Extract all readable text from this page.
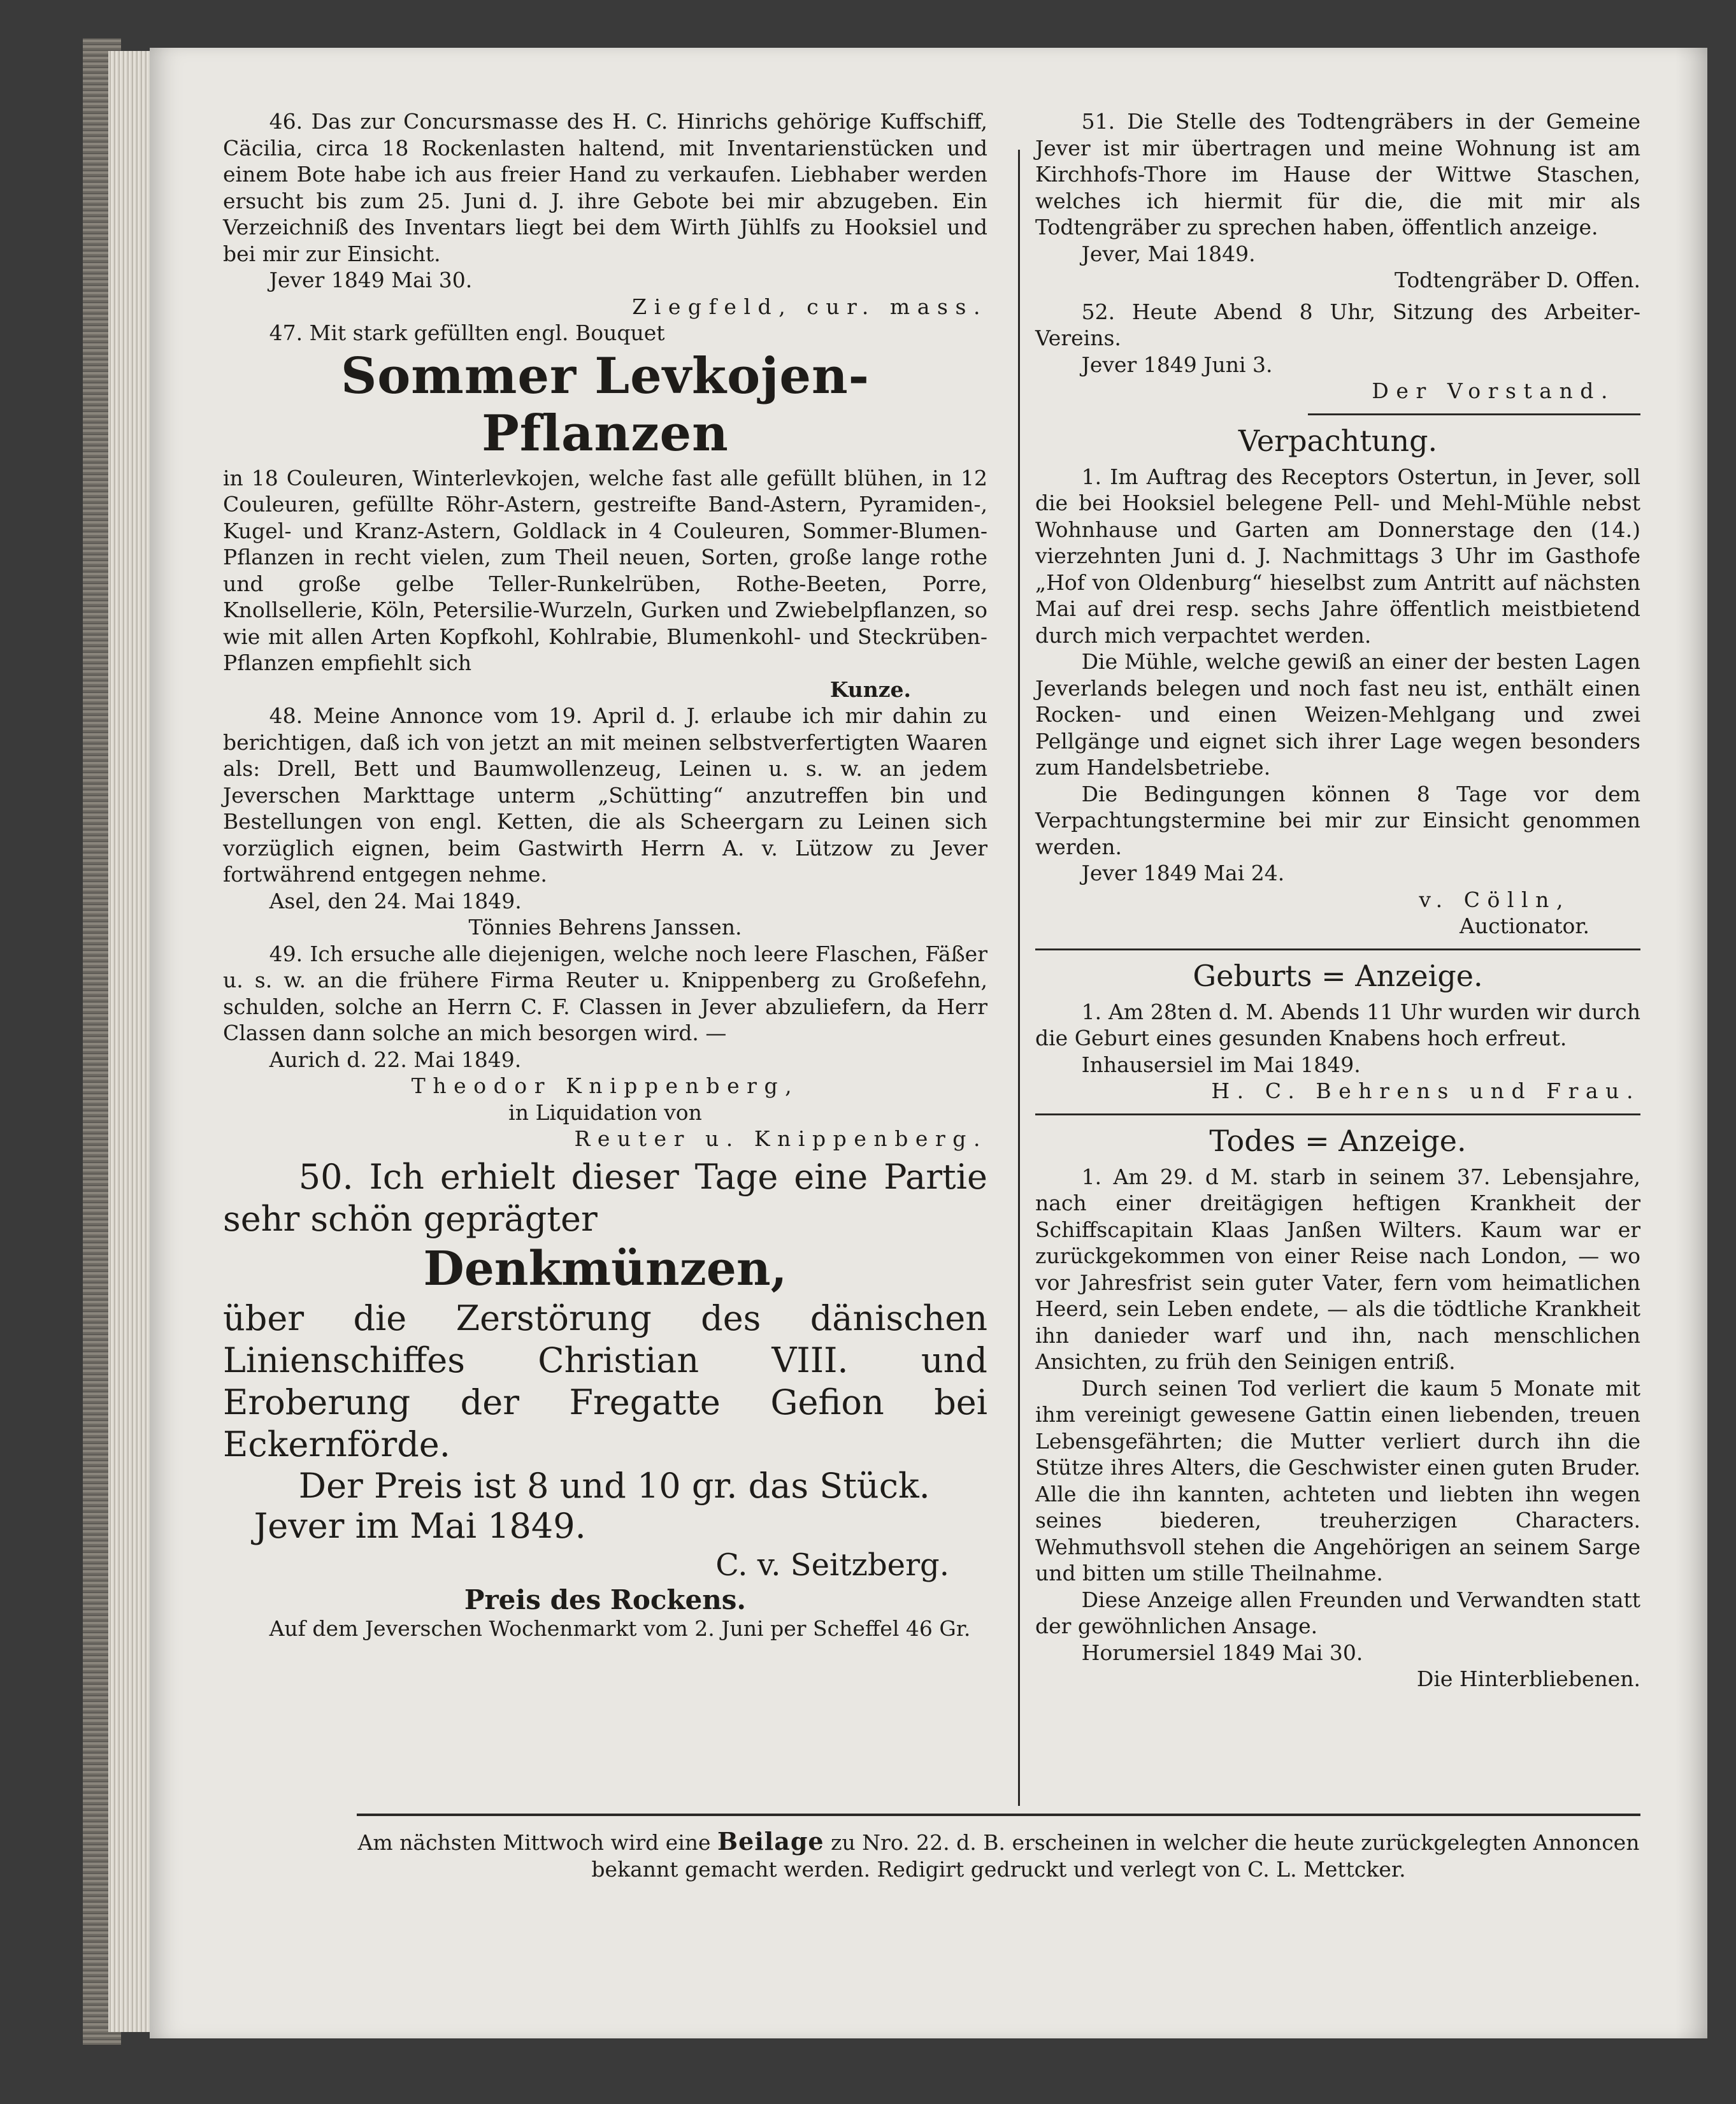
46. Das zur Concursmasse des H. C. Hinrichs gehörige Kuffschiff, Cäcilia, circa 18 Rockenlasten haltend, mit Inventarienstücken und einem Bote habe ich aus freier Hand zu verkaufen. Liebhaber werden ersucht bis zum 25. Juni d. J. ihre Gebote bei mir abzugeben. Ein Verzeichniß des Inventars liegt bei dem Wirth Jühlfs zu Hooksiel und bei mir zur Einsicht.

Jever 1849 Mai 30.

Ziegfeld, cur. mass.

47. Mit stark gefüllten engl. Bouquet

Sommer Levkojen-Pflanzen

in 18 Couleuren, Winterlevkojen, welche fast alle gefüllt blühen, in 12 Couleuren, gefüllte Röhr-Astern, gestreifte Band-Astern, Pyramiden-, Kugel- und Kranz-Astern, Goldlack in 4 Couleuren, Sommer-Blumen-Pflanzen in recht vielen, zum Theil neuen, Sorten, große lange rothe und große gelbe Teller-Runkelrüben, Rothe-Beeten, Porre, Knollsellerie, Köln, Petersilie-Wurzeln, Gurken und Zwiebelpflanzen, so wie mit allen Arten Kopfkohl, Kohlrabie, Blumenkohl- und Steckrüben-Pflanzen empfiehlt sich

Kunze.

48. Meine Annonce vom 19. April d. J. erlaube ich mir dahin zu berichtigen, daß ich von jetzt an mit meinen selbstverfertigten Waaren als: Drell, Bett und Baumwollenzeug, Leinen u. s. w. an jedem Jeverschen Markttage unterm „Schütting“ anzutreffen bin und Bestellungen von engl. Ketten, die als Scheergarn zu Leinen sich vorzüglich eignen, beim Gastwirth Herrn A. v. Lützow zu Jever fortwährend entgegen nehme.

Asel, den 24. Mai 1849.

Tönnies Behrens Janssen.

49. Ich ersuche alle diejenigen, welche noch leere Flaschen, Fäßer u. s. w. an die frühere Firma Reuter u. Knippenberg zu Großefehn, schulden, solche an Herrn C. F. Classen in Jever abzuliefern, da Herr Classen dann solche an mich besorgen wird. —

Aurich d. 22. Mai 1849.

Theodor Knippenberg,

in Liquidation von

Reuter u. Knippenberg.

50. Ich erhielt dieser Tage eine Partie sehr schön geprägter

Denkmünzen,

über die Zerstörung des dänischen Linienschiffes Christian VIII. und Eroberung der Fregatte Gefion bei Eckernförde.

Der Preis ist 8 und 10 gr. das Stück.

Jever im Mai 1849.

C. v. Seitzberg.

Preis des Rockens.

Auf dem Jeverschen Wochenmarkt vom 2. Juni per Scheffel 46 Gr.

51. Die Stelle des Todtengräbers in der Gemeine Jever ist mir übertragen und meine Wohnung ist am Kirchhofs-Thore im Hause der Wittwe Staschen, welches ich hiermit für die, die mit mir als Todtengräber zu sprechen haben, öffentlich anzeige.

Jever, Mai 1849.

Todtengräber D. Offen.

52. Heute Abend 8 Uhr, Sitzung des Arbeiter-Vereins.

Jever 1849 Juni 3.

Der Vorstand.

Verpachtung.

1. Im Auftrag des Receptors Ostertun, in Jever, soll die bei Hooksiel belegene Pell- und Mehl-Mühle nebst Wohnhause und Garten am Donnerstage den (14.) vierzehnten Juni d. J. Nachmittags 3 Uhr im Gasthofe „Hof von Oldenburg“ hieselbst zum Antritt auf nächsten Mai auf drei resp. sechs Jahre öffentlich meistbietend durch mich verpachtet werden.

Die Mühle, welche gewiß an einer der besten Lagen Jeverlands belegen und noch fast neu ist, enthält einen Rocken- und einen Weizen-Mehlgang und zwei Pellgänge und eignet sich ihrer Lage wegen besonders zum Handelsbetriebe.

Die Bedingungen können 8 Tage vor dem Verpachtungstermine bei mir zur Einsicht genommen werden.

Jever 1849 Mai 24.

v. Cölln,

Auctionator.

Geburts = Anzeige.

1. Am 28ten d. M. Abends 11 Uhr wurden wir durch die Geburt eines gesunden Knabens hoch erfreut.

Inhausersiel im Mai 1849.

H. C. Behrens und Frau.

Todes = Anzeige.

1. Am 29. d M. starb in seinem 37. Lebensjahre, nach einer dreitägigen heftigen Krankheit der Schiffscapitain Klaas Janßen Wilters. Kaum war er zurückgekommen von einer Reise nach London, — wo vor Jahresfrist sein guter Vater, fern vom heimatlichen Heerd, sein Leben endete, — als die tödtliche Krankheit ihn danieder warf und ihn, nach menschlichen Ansichten, zu früh den Seinigen entriß.

Durch seinen Tod verliert die kaum 5 Monate mit ihm vereinigt gewesene Gattin einen liebenden, treuen Lebensgefährten; die Mutter verliert durch ihn die Stütze ihres Alters, die Geschwister einen guten Bruder. Alle die ihn kannten, achteten und liebten ihn wegen seines biederen, treuherzigen Characters. Wehmuthsvoll stehen die Angehörigen an seinem Sarge und bitten um stille Theilnahme.

Diese Anzeige allen Freunden und Verwandten statt der gewöhnlichen Ansage.

Horumersiel 1849 Mai 30.

Die Hinterbliebenen.

Am nächsten Mittwoch wird eine Beilage zu Nro. 22. d. B. erscheinen in welcher die heute zurückgelegten Annoncen bekannt gemacht werden. Redigirt gedruckt und verlegt von C. L. Mettcker.
